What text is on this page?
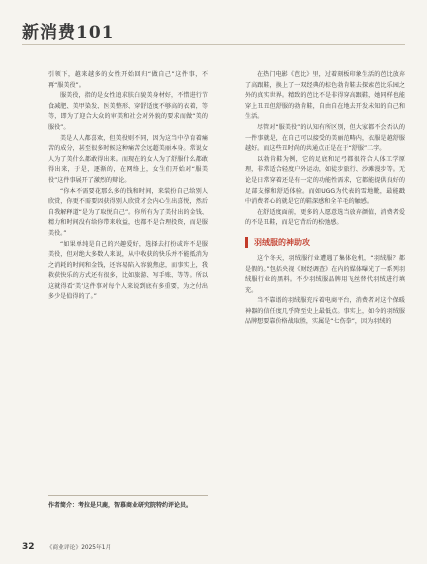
新消费101

引领下，越来越多的女性开始回归“做自己”这件事，不再“服美役”。

服美役，指的是女性追求肤白貌美身材好，不惜进行节食减肥、美甲染发、医美整形、穿舒适度不够高的衣着，等等，即为了迎合大众的审美和社会对外貌的要求而做“美的服役”。

美是人人都喜欢，但美役则不同，因为这当中孕育着痛苦的成分，甚至很多时候这种痛苦会远超美丽本身。常说女人为了美什么都敢得出来。而现在的女人为了舒服什么都敢得出来，于是，逐渐的，在网络上，女生们开始对“服美役”这件事展开了激烈的辩论。

“你本不需要花那么多的钱和时间，来装扮自己给别人欣赏，你更不需要因获得别人欣赏才会内心生出喜悦，然后自我解释道“是为了取悦自己”。你所有为了美付出的金钱、精力和时间没有给你带来收益，也都不是合理投资，而是服美役。”

“如果单纯是自己的兴趣爱好，选择去打扮或许不是服美役，但对绝大多数人来说，从中收获的快乐并不能抵消为之消耗的时间和金钱，还容易陷入容貌焦虑，而事实上，我救获快乐的方式还有很多，比如旅游、写手账、等等。所以这就得看‘美’这件事对每个人来说到底有多重要，为之付出多少是值得的了。”

作者简介：考拉是只鹿，智慕商业研究院特约评论员。

在热门电影《芭比》里，过着刻板印象生活的芭比放弃了高跟鞋，换上了一双经典的棕色勃肯鞋去探索芭比乐园之外的真实世界。精致的芭比不是非得穿高跟鞋，她同样也能穿上丑丑但舒服的勃肯鞋，自由自在地去开发未知的自己和生活。

尽管对“服美役”的认知有所区别，但大家都不会否认的一件事就是，在自己可以接受的美丽范畴内，衣服是越舒服越好。而这些丑时尚的共通点正是在于“舒服”二字。

以勃肯鞋为例，它的足底和足弓都很符合人体工学原理，非常适合轻度户外运动，如徒步旅行、沙滩漫步等。无论是日常穿着还是有一定的功能性需求，它都能提供良好的足部支撑和舒适体验。而如UGG为代表的雪地靴，最能戳中消费者心的就是它的鞋深感和全羊毛的触感。

在舒适度面前，更多的人愿意选当放弃颜值，消费者爱的不是丑鞋，而是它背后的松弛感。

羽绒服的神助攻

这个冬天，羽绒服行业遭遇了集体危机，“羽绒服？都是假的。”包括央视《财经调查》在内的媒体曝光了一系列羽绒服行业的黑料。不少羽绒服品牌用飞丝替代羽绒进行填充。

当不靠谱的羽绒服充斥着电商平台，消费者对这个保暖神器的信任度几乎降至史上最低点。事实上，如今的羽绒服品牌想要靠价格战取胜，实属是“七伤拳”，因为羽绒的

32 《商业评论》2025年1月
